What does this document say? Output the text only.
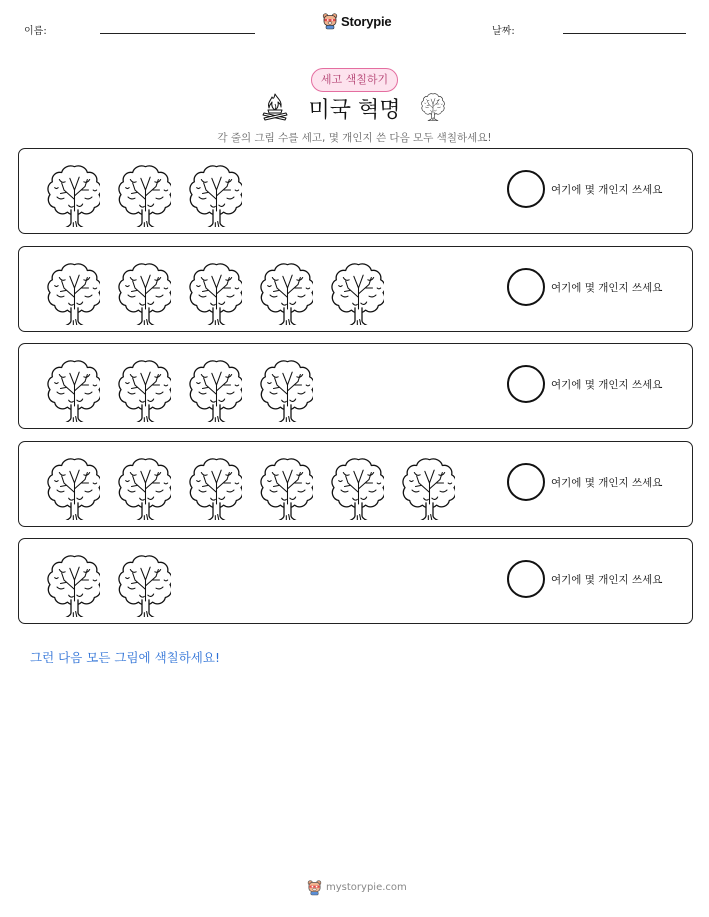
이름:
Storypie
날짜:
세고 색칠하기
미국 혁명
각 줄의 그림 수를 세고, 몇 개인지 쓴 다음 모두 색칠하세요!
여기에 몇 개인지 쓰세요
여기에 몇 개인지 쓰세요
여기에 몇 개인지 쓰세요
여기에 몇 개인지 쓰세요
여기에 몇 개인지 쓰세요
그런 다음 모든 그림에 색칠하세요!
mystorypie.com
